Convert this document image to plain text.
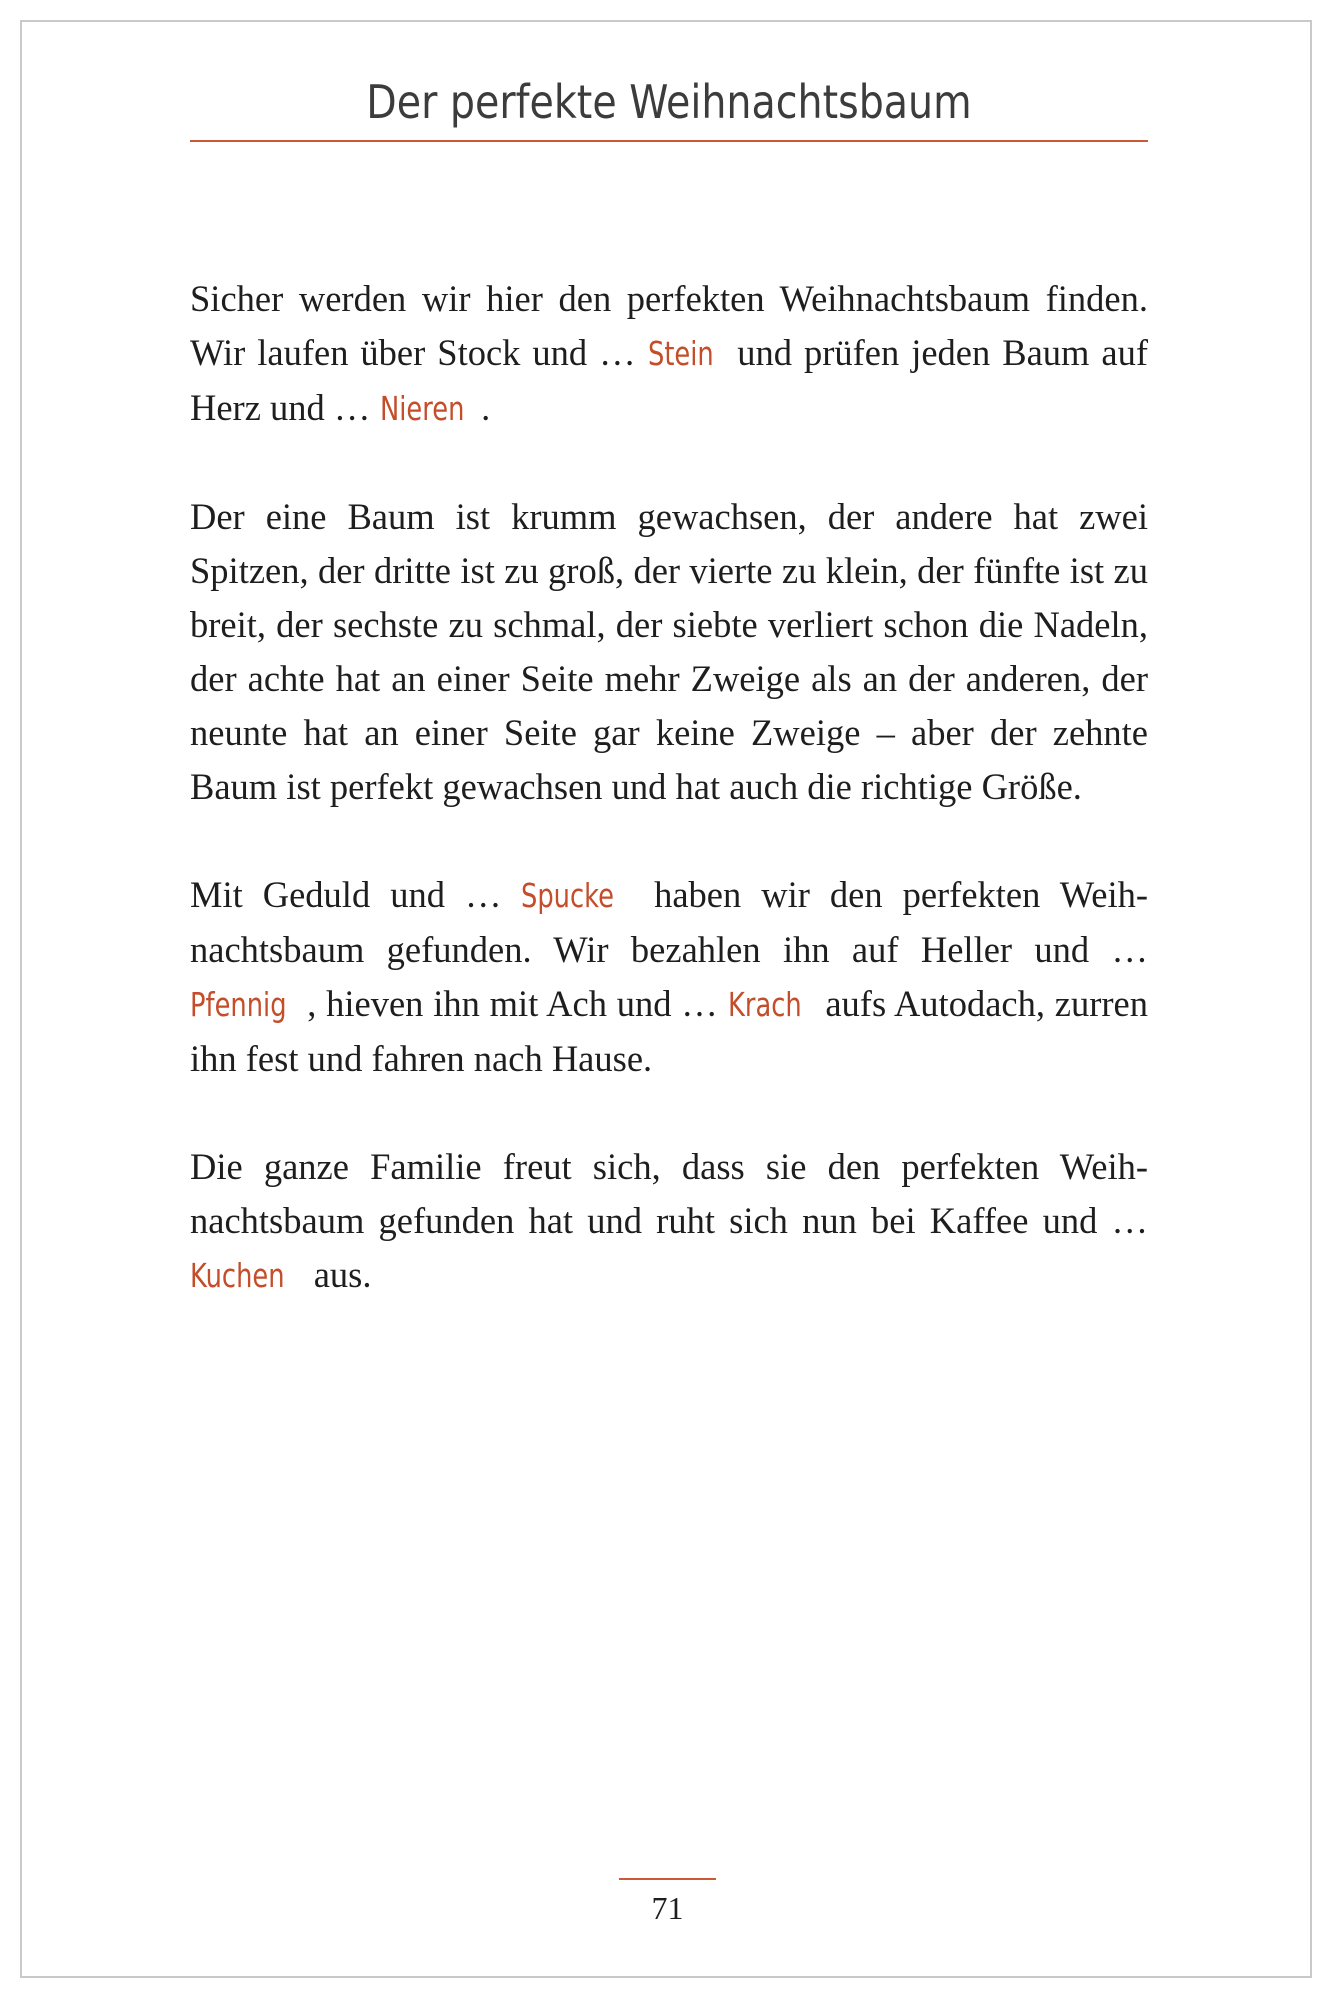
Der perfekte Weihnachtsbaum

Sicher werden wir hier den perfekten Weihnachtsbaum finden. Wir laufen über Stock und … Stein und prüfen jeden Baum auf Herz und … Nieren .

Der eine Baum ist krumm gewachsen, der andere hat zwei Spitzen, der dritte ist zu groß, der vierte zu klein, der fünfte ist zu breit, der sechste zu schmal, der siebte verliert schon die Nadeln, der achte hat an einer Seite mehr Zweige als an der anderen, der neunte hat an einer Seite gar keine Zweige – aber der zehnte Baum ist perfekt gewachsen und hat auch die richtige Größe.

Mit Geduld und … Spucke haben wir den perfekten Weihnachtsbaum gefunden. Wir bezahlen ihn auf Heller und … Pfennig , hieven ihn mit Ach und … Krach aufs Autodach, zurren ihn fest und fahren nach Hause.

Die ganze Familie freut sich, dass sie den perfekten Weihnachtsbaum gefunden hat und ruht sich nun bei Kaffee und … Kuchen aus.

71
